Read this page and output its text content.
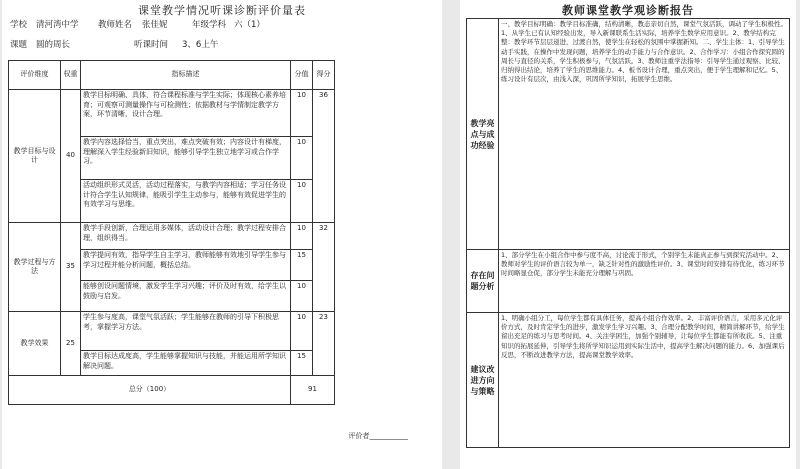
课堂教学情况听课诊断评价量表
学校 清河湾中学 教师姓名 张佳妮	年级学科 六（1）
课题 圆的周长	听课时间 3、6上午
评价维度	权重	指标描述	分值	得分
教学目标与设计	40	教学目标明确、具体，符合课程标准与学生实际；体现核心素养培育；可观察可测量操作与可检测性；依据教材与学情制定教学方案，环节清晰，设计合理。	10	36
		教学内容选择恰当，重点突出，难点突破有效；内容设计有梯度，理解深入学生经验新旧知识，能够引导学生独立地学习或合作学习。	10	
		活动组织形式灵活，活动过程落实，与教学内容相适；学习任务设计符合学生认知规律，能吸引学生主动参与，能够有效促进学生的有效学习与思维。	10	
教学过程与方法	35	教学手段创新，合理运用多媒体，活动设计合理；教学过程安排合理，组织得当。	10	32
		教学提问有效，指导学生自主学习，教师能够有效地引导学生参与学习过程并能分析问题，概括总结。	15	
		能够创设问题情境，激发学生学习兴趣；评价及时有效，给学生以鼓励与启发。	10	
教学效果	25	学生参与度高，课堂气氛活跃；学生能够在教师的引导下积极思考，掌握学习方法。	10	23
		教学目标达成度高，学生能够掌握知识与技能，并能运用所学知识解决问题。	15	
总分（100）			91	
评价者___________
教师课堂教学观诊断报告
教学亮点与成功经验	一、教学目标明确：教学目标准确，结构清晰，教态亲切自然，课堂气氛活跃，调动了学生积极性。1、从学生已有认知经验出发，导入新课联系生活实际，培养学生数学应用意识。2、教学结构完整：教学环节层层递进，过渡自然，使学生在轻松的氛围中掌握新知。二、学生主体：1、引导学生动手实践，在操作中发现问题，培养学生的动手能力与合作意识。2、合作学习：小组合作探究圆的周长与直径的关系，学生积极参与，气氛活跃。3、教师注重学法指导：引导学生通过观察、比较、归纳得出结论，培养了学生的思维能力。4、板书设计合理，重点突出，便于学生理解和记忆。5、练习设计有层次，由浅入深，巩固所学知识，拓展学生思维。
存在问题分析	1、部分学生在小组合作中参与度不高，讨论流于形式，个别学生未能真正参与到探究活动中。2、教师对学生的评价语言较为单一，缺乏针对性的激励性评价。3、课堂时间安排有待优化，练习环节时间略显仓促，部分学生未能充分理解与巩固。
建议改进方向与策略	1、明确小组分工，每位学生都有具体任务，提高小组合作效率。2、丰富评价语言，采用多元化评价方式，及时肯定学生的进步，激发学生学习兴趣。3、合理分配教学时间，精简讲解环节，给学生留出充足的练习与思考时间。4、关注学困生，加强个别辅导，让每位学生都能有所收获。5、注重知识的拓展延伸，引导学生将所学知识运用到实际生活中，提高学生解决问题的能力。6、加强课后反思，不断改进教学方法，提高课堂教学效率。
